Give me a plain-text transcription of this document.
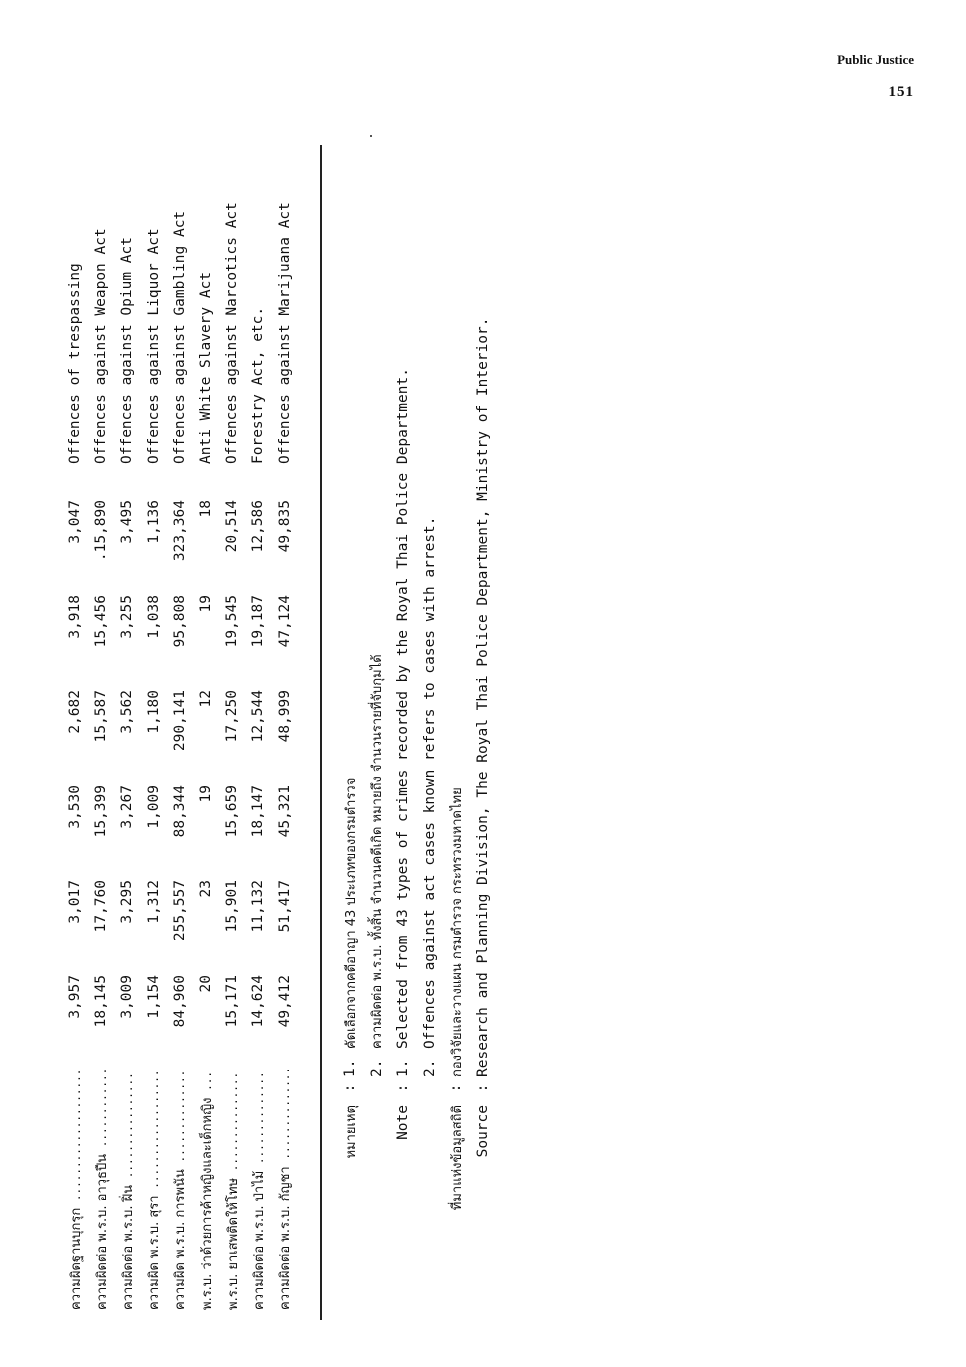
Public Justice
151
ความผิดฐานบุกรุก .....
3,957
3,017
3,530
2,682
3,918
3,047
Offences of trespassing
ความผิดต่อ พ.ร.บ. อาวุธปืน .....
18,145
17,760
15,399
15,587
15,456
.15,890
Offences against Weapon Act
ความผิดต่อ พ.ร.บ. ฝิ่น .....
3,009
3,295
3,267
3,562
3,255
3,495
Offences against Opium Act
ความผิด พ.ร.บ. สุรา .....
1,154
1,312
1,009
1,180
1,038
1,136
Offences against Liquor Act
ความผิด พ.ร.บ. การพนัน .....
84,960
255,557
88,344
290,141
95,808
323,364
Offences against Gambling Act
พ.ร.บ. ว่าด้วยการค้าหญิงและเด็กหญิง .....
20
23
19
12
19
18
Anti White Slavery Act
พ.ร.บ. ยาเสพติดให้โทษ .....
15,171
15,901
15,659
17,250
19,545
20,514
Offences against Narcotics Act
ความผิดต่อ พ.ร.บ. ป่าไม้ .....
14,624
11,132
18,147
12,544
19,187
12,586
Forestry Act, etc.
ความผิดต่อ พ.ร.บ. กัญชา .....
49,412
51,417
45,321
48,999
47,124
49,835
Offences against Marijuana Act
หมายเหตุ
:
1.
คัดเลือกจากคดีอาญา 43 ประเภทของกรมตำรวจ
2.
ความผิดต่อ พ.ร.บ. ทั้งสิ้น จำนวนคดีเกิด หมายถึง จำนวนรายที่จับกุมได้
Note
:
1.
Selected from 43 types of crimes recorded by the Royal Thai Police Department.
2.
Offences against act cases known refers to cases with arrest.
ที่มาแห่งข้อมูลสถิติ
:
กองวิจัยและวางแผน กรมตำรวจ กระทรวงมหาดไทย
Source
:
Research and Planning Division, The Royal Thai Police Department, Ministry of Interior.
